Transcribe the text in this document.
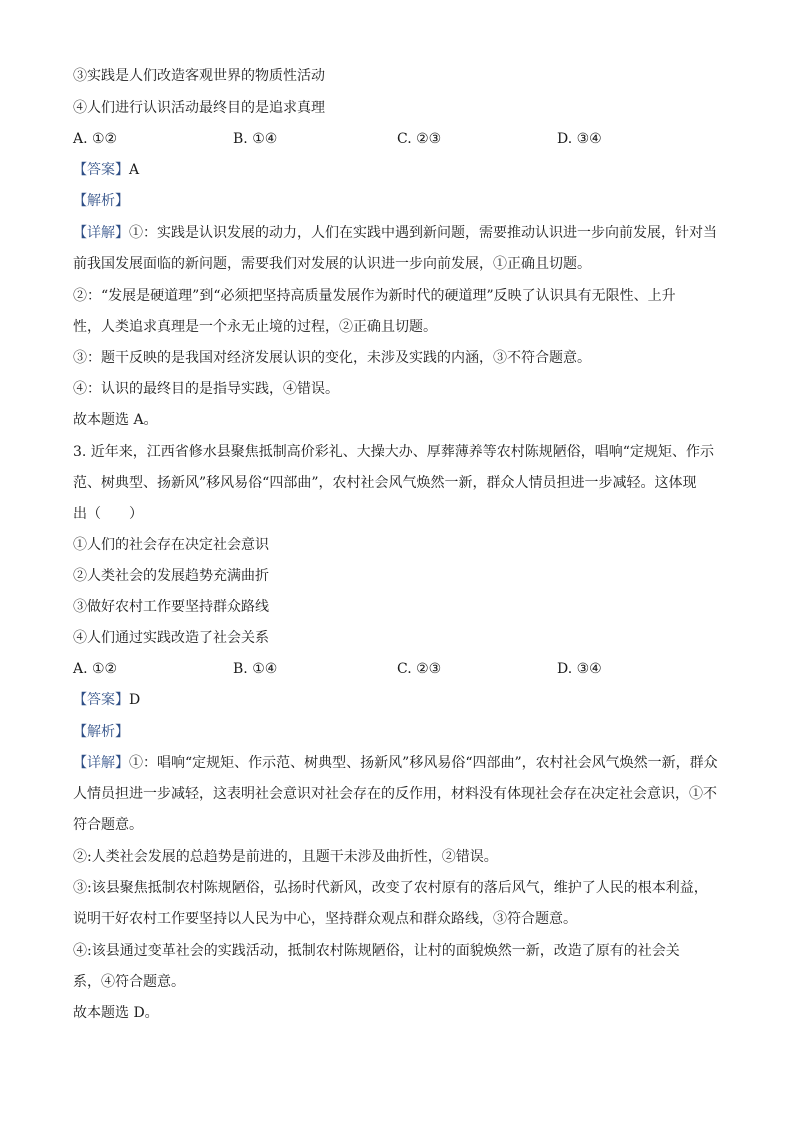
③实践是人们改造客观世界的物质性活动
④人们进行认识活动最终目的是追求真理
A. ①②	B. ①④	C. ②③	D. ③④
【答案】A
【解析】
【详解】①：实践是认识发展的动力，人们在实践中遇到新问题，需要推动认识进一步向前发展，针对当
前我国发展面临的新问题，需要我们对发展的认识进一步向前发展，①正确且切题。
②：“发展是硬道理”到“必须把坚持高质量发展作为新时代的硬道理”反映了认识具有无限性、上升
性，人类追求真理是一个永无止境的过程，②正确且切题。
③：题干反映的是我国对经济发展认识的变化，未涉及实践的内涵，③不符合题意。
④：认识的最终目的是指导实践，④错误。
故本题选 A。
3. 近年来，江西省修水县聚焦抵制高价彩礼、大操大办、厚葬薄养等农村陈规陋俗，唱响“定规矩、作示
范、树典型、扬新风”移风易俗“四部曲”，农村社会风气焕然一新，群众人情员担进一步减轻。这体现
出（　　）
①人们的社会存在决定社会意识
②人类社会的发展趋势充满曲折
③做好农村工作要坚持群众路线
④人们通过实践改造了社会关系
A. ①②	B. ①④	C. ②③	D. ③④
【答案】D
【解析】
【详解】①：唱响“定规矩、作示范、树典型、扬新风”移风易俗“四部曲”，农村社会风气焕然一新，群众
人情员担进一步减轻，这表明社会意识对社会存在的反作用，材料没有体现社会存在决定社会意识，①不
符合题意。
②:人类社会发展的总趋势是前进的，且题干未涉及曲折性，②错误。
③:该县聚焦抵制农村陈规陋俗，弘扬时代新风，改变了农村原有的落后风气，维护了人民的根本利益，
说明干好农村工作要坚持以人民为中心，坚持群众观点和群众路线，③符合题意。
④:该县通过变革社会的实践活动，抵制农村陈规陋俗，让村的面貌焕然一新，改造了原有的社会关
系，④符合题意。
故本题选 D。
